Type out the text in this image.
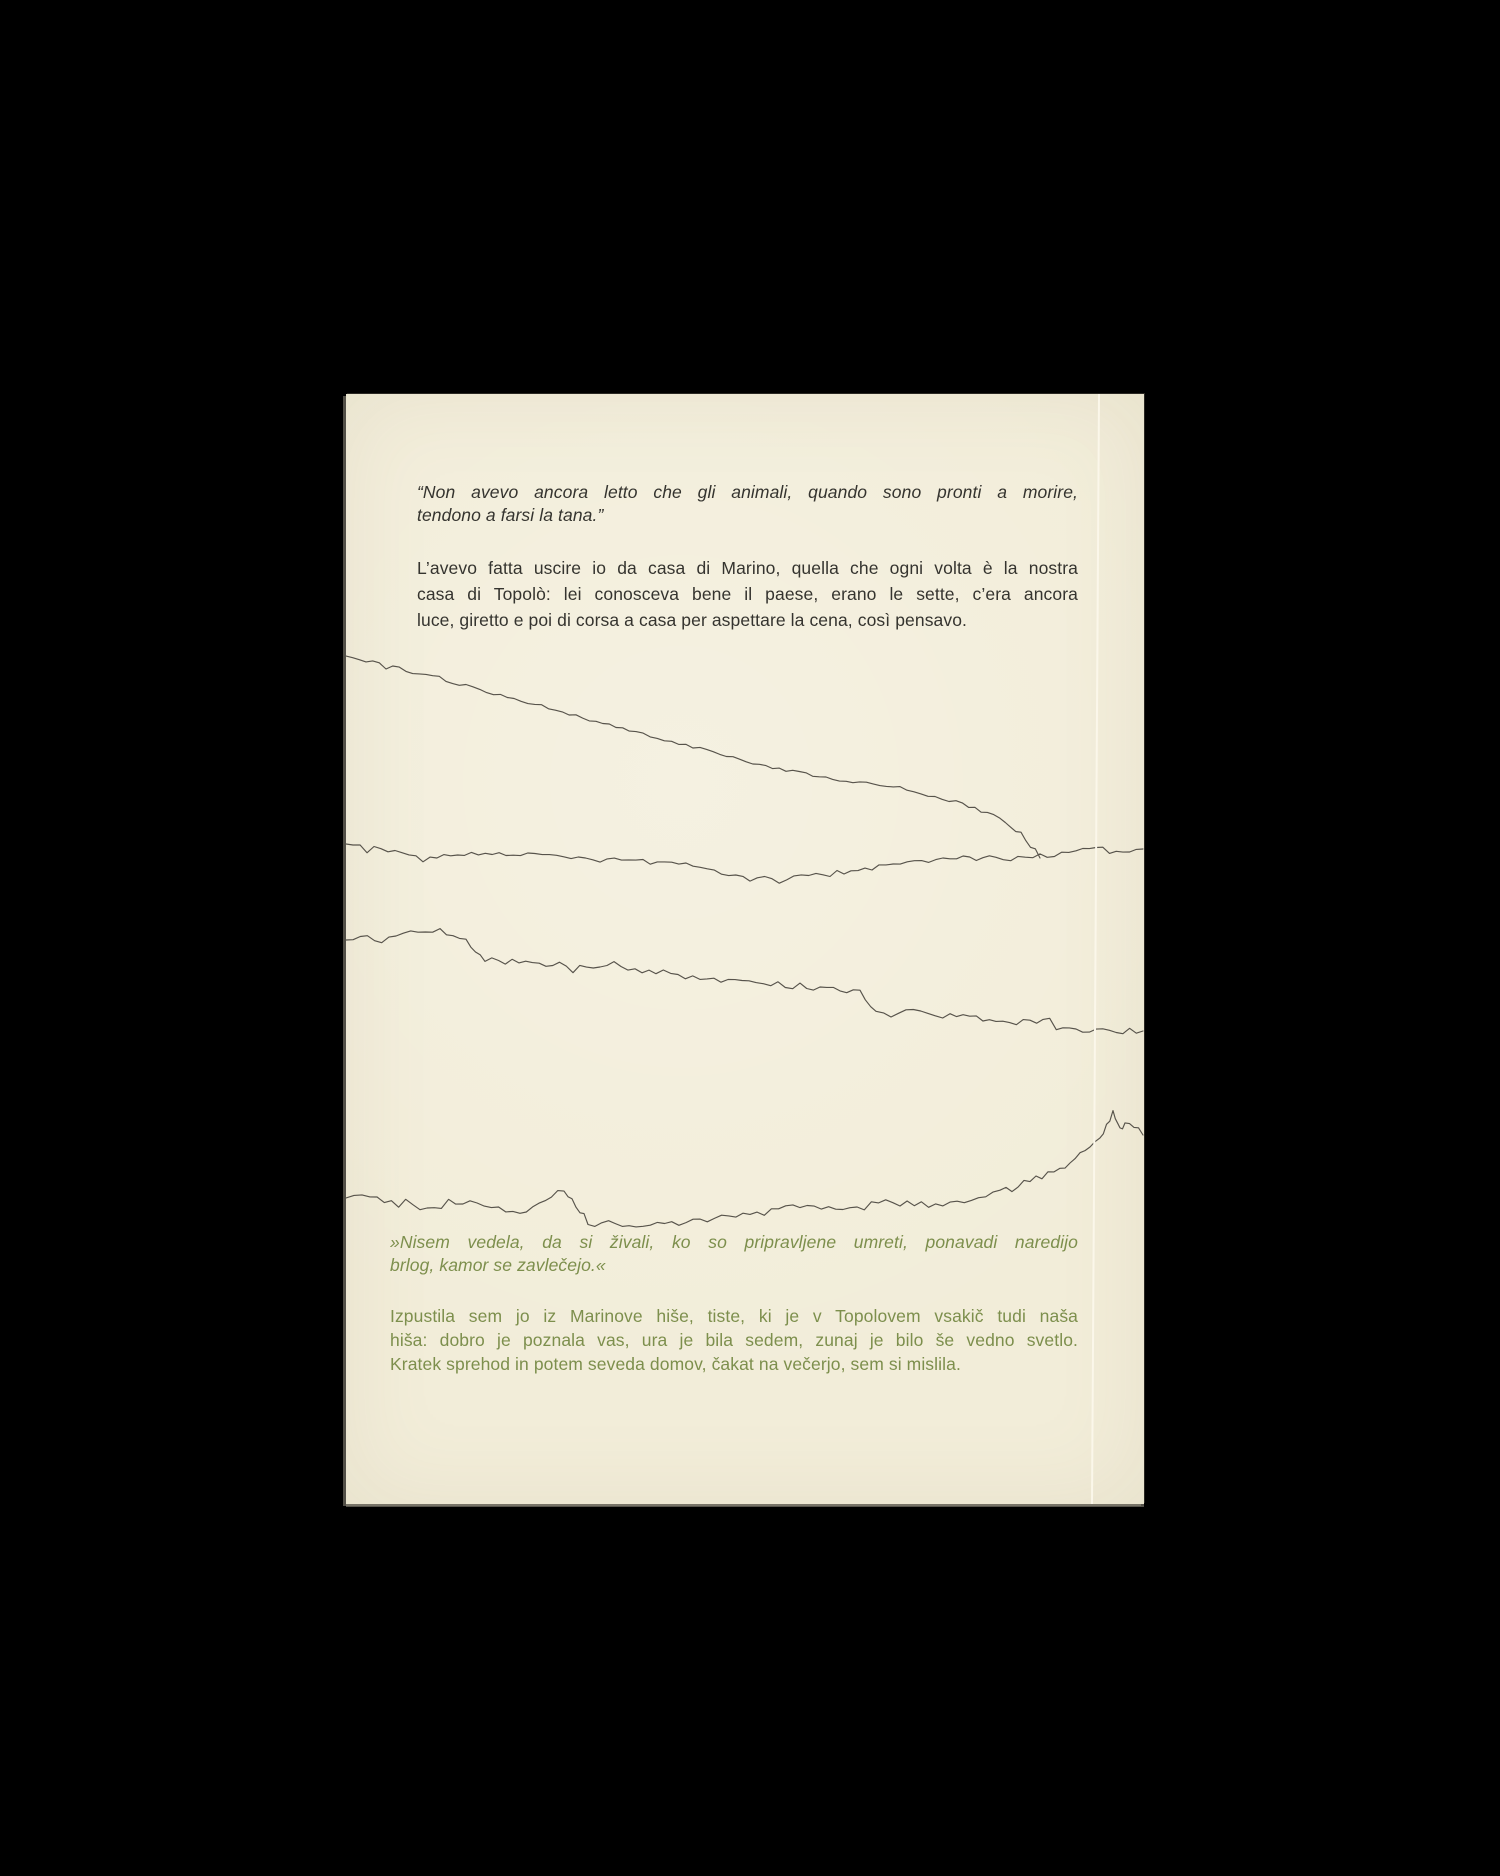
“Non avevo ancora letto che gli animali, quando sono pronti a morire,
tendono a farsi la tana.”
L’avevo fatta uscire io da casa di Marino, quella che ogni volta è la nostra
casa di Topolò: lei conosceva bene il paese, erano le sette, c’era ancora
luce, giretto e poi di corsa a casa per aspettare la cena, così pensavo.
»Nisem vedela, da si živali, ko so pripravljene umreti, ponavadi naredijo
brlog, kamor se zavlečejo.«
Izpustila sem jo iz Marinove hiše, tiste, ki je v Topolovem vsakič tudi naša
hiša: dobro je poznala vas, ura je bila sedem, zunaj je bilo še vedno svetlo.
Kratek sprehod in potem seveda domov, čakat na večerjo, sem si mislila.
